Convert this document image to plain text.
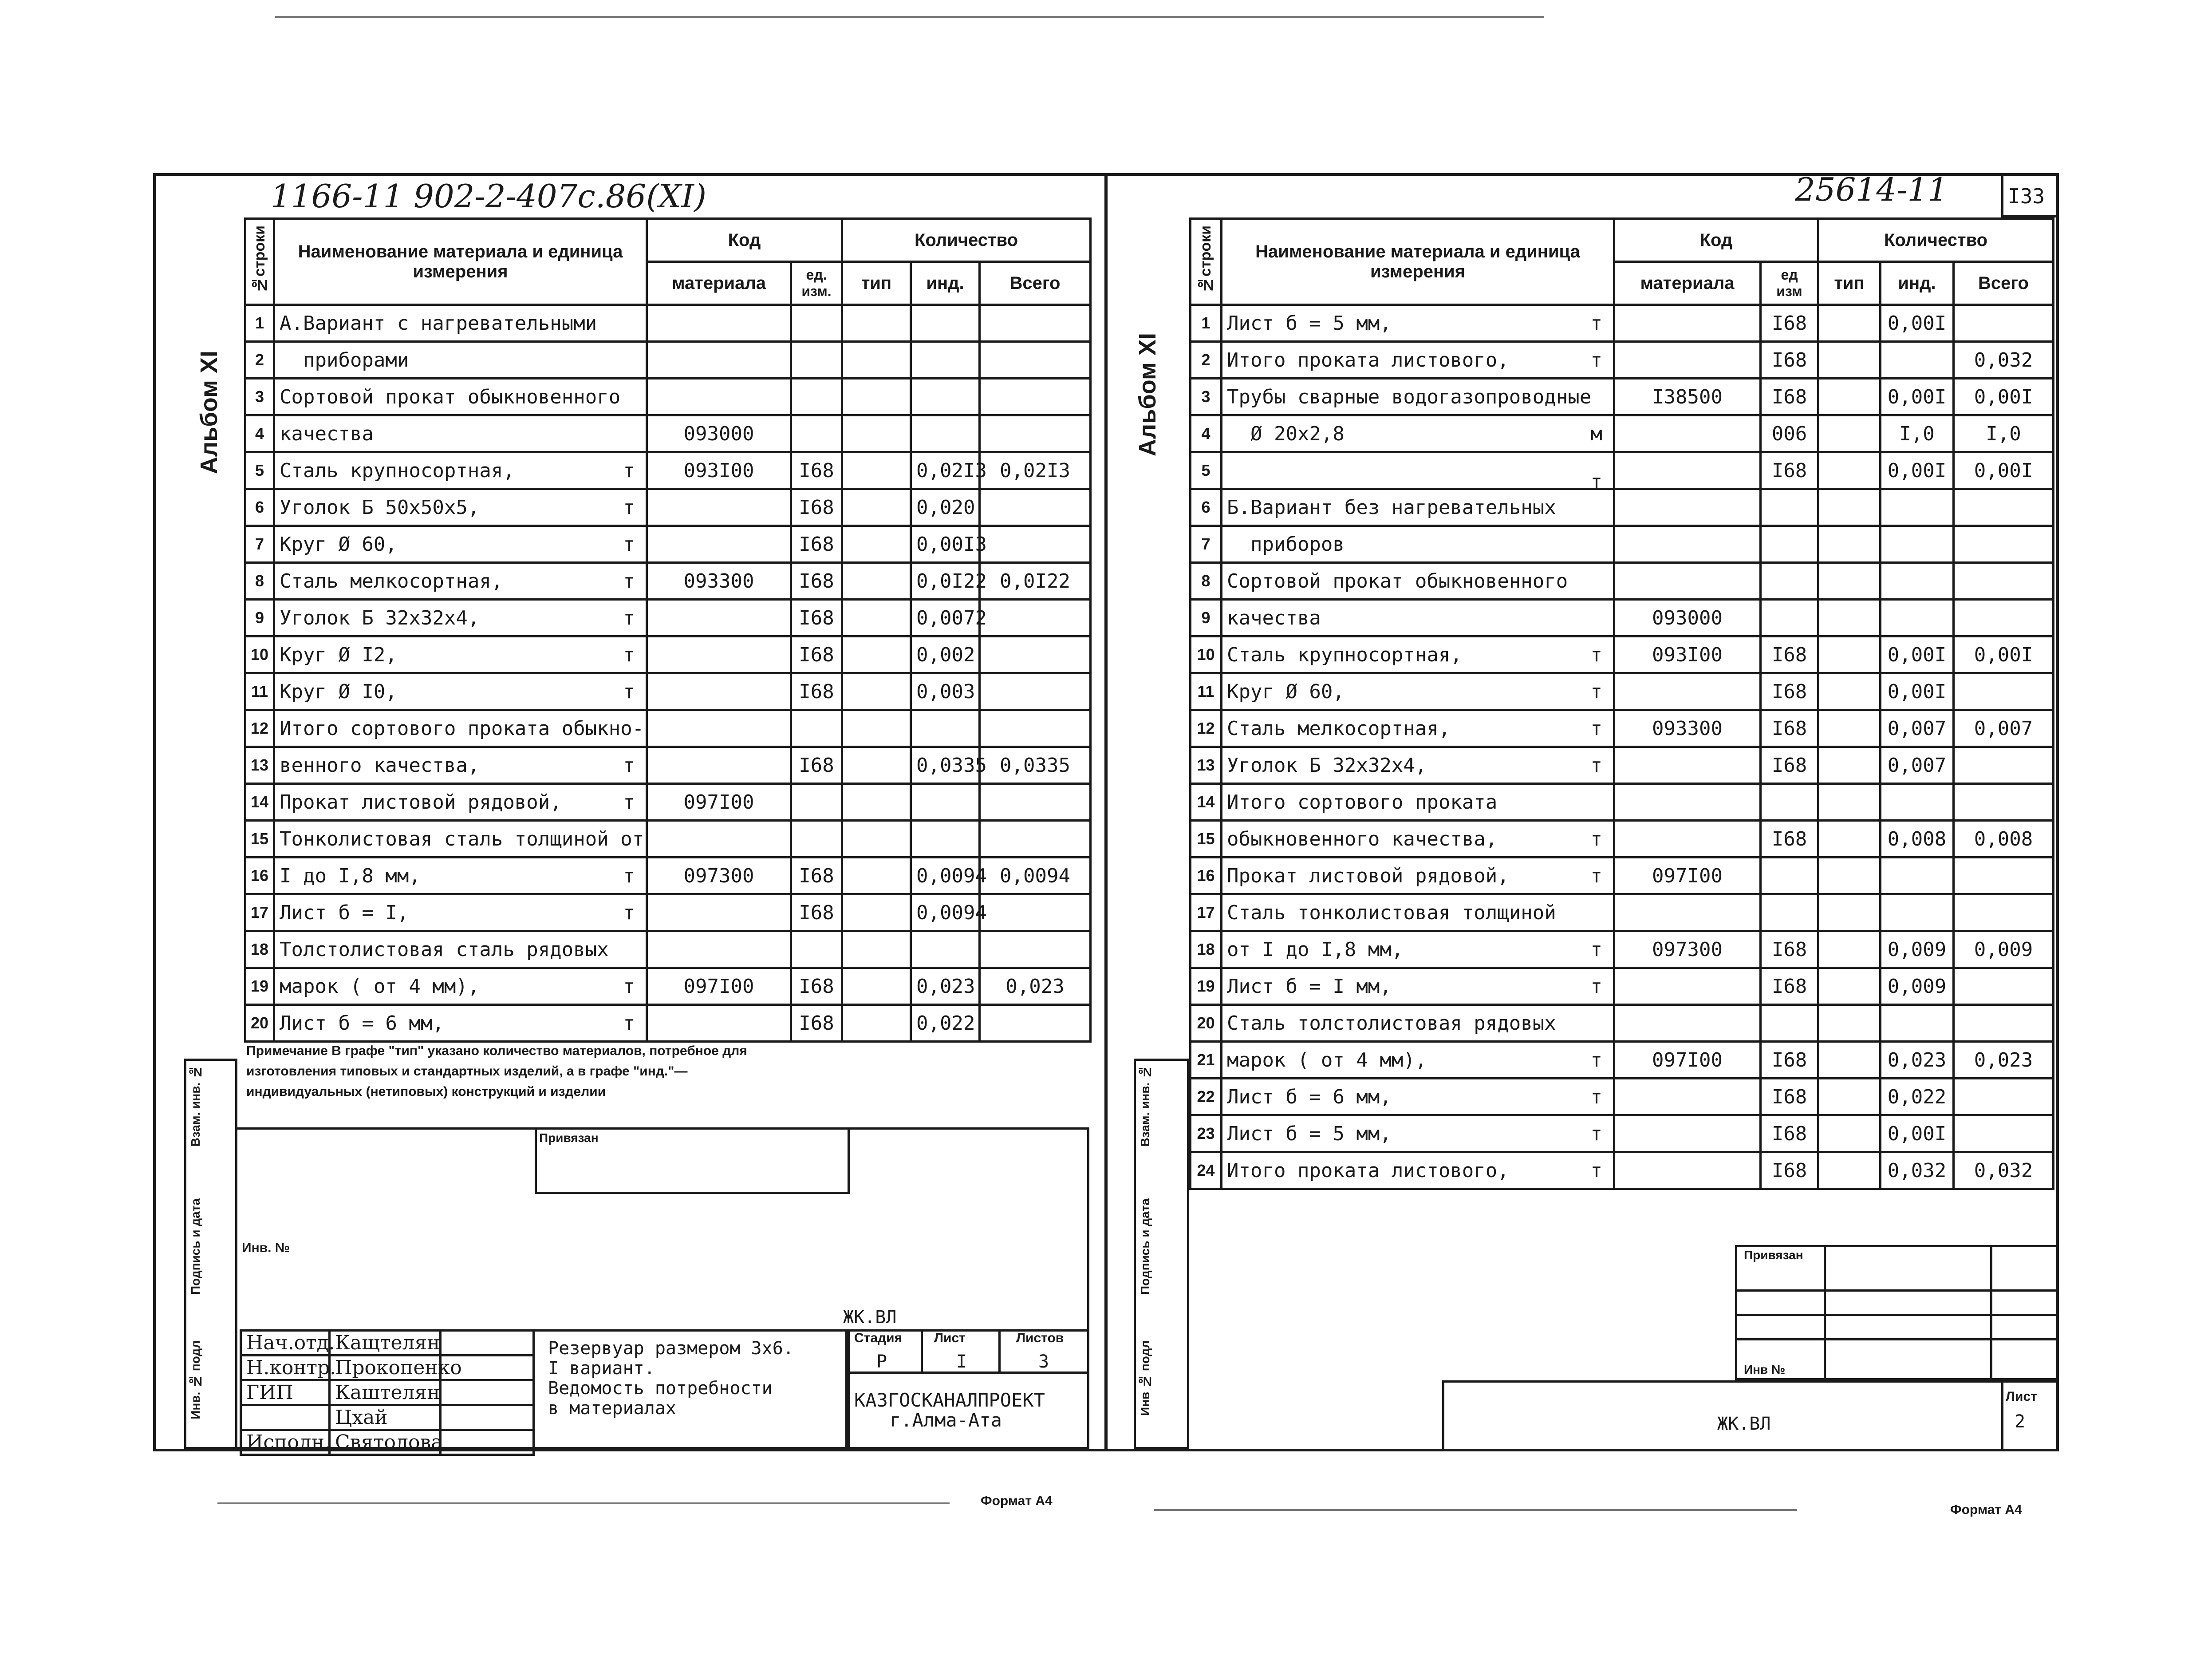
1166-11 902-2-407с.86(XI)
Альбом XI
№строки	Наименование материала и единица измерения	Код		Количество		
		материала	ед. изм.	тип	инд.	Всего
1	А.Вариант с нагревательными

2	приборами

3	Сортовой прокат обыкновенного

4	качества	093000				
5	Сталь крупносортная, т	093I00	I68		0,02I3	0,02I3
6	Уголок Б 50х50х5, т		I68		0,020	
7	Круг Ø 60, т		I68		0,00I3	
8	Сталь мелкосортная, т	093300	I68		0,0I22	0,0I22
9	Уголок Б 32х32х4, т		I68		0,0072	
10	Круг Ø I2, т		I68		0,002	
11	Круг Ø I0, т		I68		0,003	
12	Итого сортового проката обыкно-

13	венного качества, т		I68		0,0335	0,0335
14	Прокат листовой рядовой, т	097I00				
15	Тонколистовая сталь толщиной от

16	I до I,8 мм, т	097300	I68		0,0094	0,0094
17	Лист б = I, т		I68		0,0094	
18	Толстолистовая сталь рядовых

19	марок ( от 4 мм), т	097I00	I68		0,023	0,023
20	Лист б = 6 мм, т		I68		0,022	
Примечание В графе "тип" указано количество материалов, потребное для изготовления типовых и стандартных изделий, а в графе "инд."— индивидуальных (нетиповых) конструкций и изделии
Привязан
Инв. №
ЖК.ВЛ
Взам. инв. №
Подпись и дата
Инв. № подл Нач.отд.	Кащтелян	
Н.контр.	Прокопенко	
ГИП	Каштелян	
	Цхай	
Исполн.	Святолова	
Резервуар размером 3х6.
I вариант.
Ведомость потребности
в материалах
Стадия Лист	Листов
Р	I	3
КАЗГОСКАНАЛПРОЕКТ
г.Алма-Ата
Формат А4
25614-11	I33
Альбом XI
№строки	Наименование материала и единица измерения	Код		Количество		
		материала	ед изм	тип	инд.	Всего
1	Лист б = 5 мм, т		I68		0,00I	
2	Итого проката листового, т		I68			0,032
3	Трубы сварные водогазопроводные	I38500	I68		0,00I	0,00I
4	Ø 20х2,8 м		006		I,0	I,0
5	т		I68		0,00I	0,00I
6	Б.Вариант без нагревательных

7	приборов

8	Сортовой прокат обыкновенного

9	качества	093000				
10	Сталь крупносортная, т	093I00	I68		0,00I	0,00I
11	Круг Ø 60, т		I68		0,00I	
12	Сталь мелкосортная, т	093300	I68		0,007	0,007
13	Уголок Б 32х32х4, т		I68		0,007	
14	Итого сортового проката

15	обыкновенного качества, т		I68		0,008	0,008
16	Прокат листовой рядовой, т	097I00				
17	Сталь тонколистовая толщиной

18	от I до I,8 мм, т	097300	I68		0,009	0,009
19	Лист б = I мм, т		I68		0,009	
20	Сталь толстолистовая рядовых

21	марок ( от 4 мм), т	097I00	I68		0,023	0,023
22	Лист б = 6 мм, т		I68		0,022	
23	Лист б = 5 мм, т		I68		0,00I	
24	Итого проката листового, т		I68		0,032	0,032
Взам. инв. №
Подпись и дата
Инв № подл
Привязан
Инв №
ЖК.ВЛ
Лист
2
Формат А4
